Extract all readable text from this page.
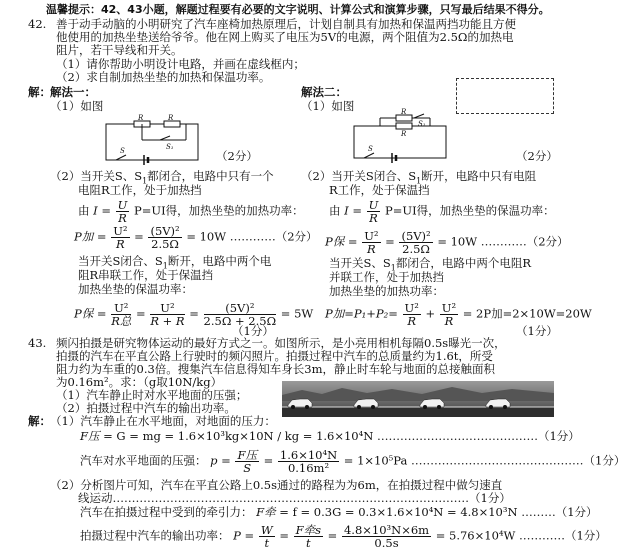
温馨提示：42、43小题，解题过程要有必要的文字说明、计算公式和演算步骤，只写最后结果不得分。
42. 善于动手动脑的小明研究了汽车座椅加热原理后，计划自制具有加热和保温两挡功能且方便
他使用的加热坐垫送给爷爷。他在网上购买了电压为5V的电源，两个阻值为2.5Ω的加热电
阻片，若干导线和开关。
（1）请你帮助小明设计电路，并画在虚线框内；
（2）求自制加热坐垫的加热和保温功率。
解： 解法一：	解法二：
（1）如图	（1）如图
R	R
S₁
S
R
R
S₁
S
（2分）	（2分）
（2）当开关S、$S_1$都闭合，电路中只有一个
电阻R工作，处于加热挡
由 $I = \frac{U}{R} P=UI$得，加热坐垫的加热功率：
P加 = $\frac{\text{U²}}{R} = \frac{\text{(5V)²}}{2.5\Omega} = 10W$ …………（2分）
当开关S闭合、$S_1$断开，电路中两个电
阻R串联工作，处于保温挡
加热坐垫的保温功率：
P保 = $\frac{\text{U²}}{\text{R总}} = \frac{\text{U²}}{R + R} = \frac{\text{(5V)²}}{2.5\Omega + 2.5\Omega} = 5W$
（1分）
（2）当开关S闭合、$S_1$断开，电路中只有电阻
R工作，处于保温挡
由 $I = \frac{U}{R} P=UI$得，加热坐垫的保温功率：
P保 = $\frac{\text{U²}}{R} = \frac{\text{(5V)²}}{2.5\Omega} = 10W$ …………（2分）
当开关S、$S_1$都闭合，电路中两个电阻R
并联工作，处于加热挡
加热坐垫的加热功率：
P加$=P_1+P_2= \frac{\text{U²}}{R} + \frac{\text{U²}}{R} = 2P$加=2×10W=20W
（1分）
43. 频闪拍摄是研究物体运动的最好方式之一。如图所示，是小亮用相机每隔0.5s曝光一次，
拍摄的汽车在平直公路上行驶时的频闪照片。拍摄过程中汽车的总质量约为1.6t，所受
阻力约为车重的0.3倍。搜集汽车信息得知车身长3m，静止时车轮与地面的总接触面积
为0.16m²。求：（g取10N/kg）
（1）汽车静止时对水平地面的压强；
（2）拍摄过程中汽车的输出功率。
解： （1）汽车静止在水平地面，对地面的压力：
F压 = G = mg = 1.6×10³kg×10N / kg = 1.6×10⁴N ……………………………………（1分）
汽车对水平地面的压强： $p = \frac{\text{F压}}{S} = \frac{\text{1.6×10⁴N}}{\text{0.16m²}} = 1\times 10^5Pa$ ………………………………………（1分）
（2）分析图片可知，汽车在平直公路上0.5s通过的路程为为6m，在拍摄过程中做匀速直
线运动…………………………………………………………………………………（1分）
汽车在拍摄过程中受到的牵引力： F牵 = f = 0.3G = 0.3×1.6×10⁴N = 4.8×10³N ………（1分）
拍摄过程中汽车的输出功率： $P = \frac{W}{t} = \frac{\text{F牵s}}{t} = \frac{\text{4.8×10³N×6m}}{0.5s} = 5.76\times 10^4W$ …………（1分）
